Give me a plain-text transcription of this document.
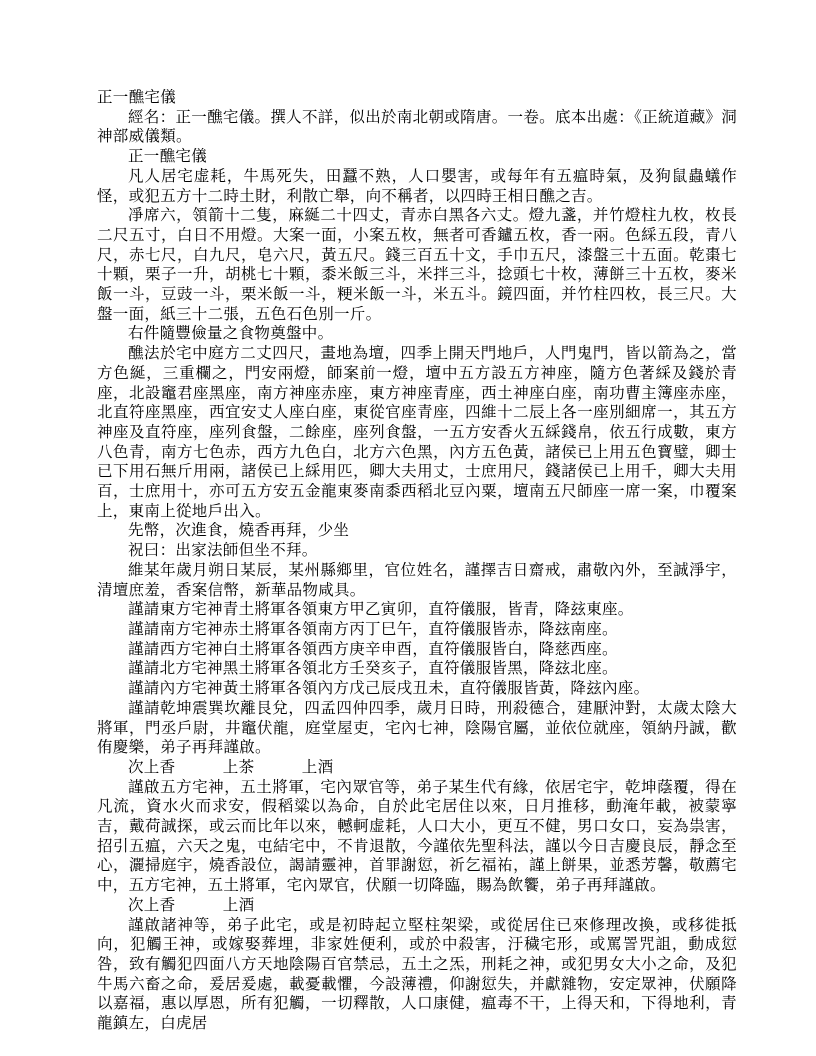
正一醮宅儀

經名：正一醮宅儀。撰人不詳，似出於南北朝或隋唐。一卷。底本出處：《正統道藏》洞神部威儀類。

正一醮宅儀

凡人居宅虚耗，牛馬死失，田蠶不熟，人口嬰害，或每年有五瘟時氣，及狗鼠蟲蟻作怪，或犯五方十二時土財，利散亡舉，向不稱者，以四時王相日醮之吉。

凈席六，領箭十二隻，麻綖二十四丈，青赤白黑各六丈。燈九盞，并竹燈柱九枚，枚長二尺五寸，白日不用燈。大案一面，小案五枚，無者可香鑪五枚，香一兩。色綵五段，青八尺，赤七尺，白九尺，皂六尺，黃五尺。錢三百五十文，手巾五尺，漆盤三十五面。乾棗七十顆，栗子一升，胡桃七十顆，黍米飯三斗，米拌三斗，捻頭七十枚，薄餅三十五枚，麥米飯一斗，豆豉一斗，栗米飯一斗，粳米飯一斗，米五斗。鏡四面，并竹柱四枚，長三尺。大盤一面，紙三十二張，五色石色別一斤。

右件隨豐儉量之食物奠盤中。

醮法於宅中庭方二丈四尺，畫地為壇，四季上開天門地戶，人門鬼門，皆以箭為之，當方色綖，三重欄之，門安兩燈，師案前一燈，壇中五方設五方神座，隨方色著綵及錢於青座，北設竈君座黑座，南方神座赤座，東方神座青座，西土神座白座，南功曹主簿座赤座，北直符座黑座，西宜安丈人座白座，東從官座青座，四維十二辰上各一座別細席一，其五方神座及直符座，座列食盤，二餘座，座列食盤，一五方安香火五綵錢帛，依五行成數，東方八色青，南方七色赤，西方九色白，北方六色黑，內方五色黃，諸侯已上用五色寶璧，卿士已下用石無斤用兩，諸侯已上綵用匹，卿大夫用丈，士庶用尺，錢諸侯已上用千，卿大夫用百，士庶用十，亦可五方安五金龍東麥南黍西稻北豆內粟，壇南五尺師座一席一案，巾覆案上，東南上從地戶出入。

先幣，次進食，燒香再拜，少坐

祝曰：出家法師但坐不拜。

維某年歲月朔日某辰，某州縣鄉里，官位姓名，謹擇吉日齋戒，肅敬內外，至誠淨宇，清壇庶羞，香案信幣，新華品物咸具。

謹請東方宅神青土將軍各領東方甲乙寅卯，直符儀服，皆青，降玆東座。

謹請南方宅神赤土將軍各領南方丙丁巳午，直符儀服皆赤，降玆南座。

謹請西方宅神白土將軍各領西方庚辛申酉，直符儀服皆白，降慈西座。

謹請北方宅神黑土將軍各領北方壬癸亥子，直符儀服皆黑，降玆北座。

謹請內方宅神黃土將軍各領內方戊己辰戌丑未，直符儀服皆黃，降玆內座。

謹請乾坤震巽坎離艮兌，四孟四仲四季，歲月日時，刑殺德合，建厭沖對，太歲太陰大將軍，門丞戶尉，井竈伏龍，庭堂屋吏，宅內七神，陰陽官屬，並依位就座，領納丹誠，歡侑慶樂，弟子再拜謹啟。

次上香　　　上茶　　　上酒

謹啟五方宅神，五土將軍，宅內眾官等，弟子某生代有緣，依居宅宇，乾坤蔭覆，得在凡流，資水火而求安，假稻粱以為命，自於此宅居住以來，日月推移，動淹年載，被蒙寧吉，戴荷誠探，或云而比年以來，轗軻虚耗，人口大小，更互不健，男口女口，妄為祟害，招引五瘟，六天之鬼，屯結宅中，不肯退散，今謹依先聖科法，謹以今日吉慶良辰，靜念至心，灑掃庭宇，燒香設位，謁請靈神，首罪謝愆，祈乞福祐，謹上餅果，並悉芳馨，敬薦宅中，五方宅神，五土將軍，宅內眾官，伏願一切降臨，賜為飲饗，弟子再拜謹啟。

次上香　　　上酒

謹啟諸神等，弟子此宅，或是初時起立堅柱架梁，或從居住已來修理改換，或移徙抵向，犯觸王神，或嫁娶葬埋，非家姓便利，或於中殺害，汙穢宅形，或罵詈咒詛，動成愆咎，致有觸犯四面八方天地陰陽百官禁忌，五土之炁，刑耗之神，或犯男女大小之命，及犯牛馬六畜之命，爰居爰處，載憂載懼，今設薄禮，仰謝愆失，并獻雜物，安定眾神，伏願降以嘉福，惠以厚恩，所有犯觸，一切釋散，人口康健，瘟毒不干，上得天和，下得地利，青龍鎮左，白虎居
